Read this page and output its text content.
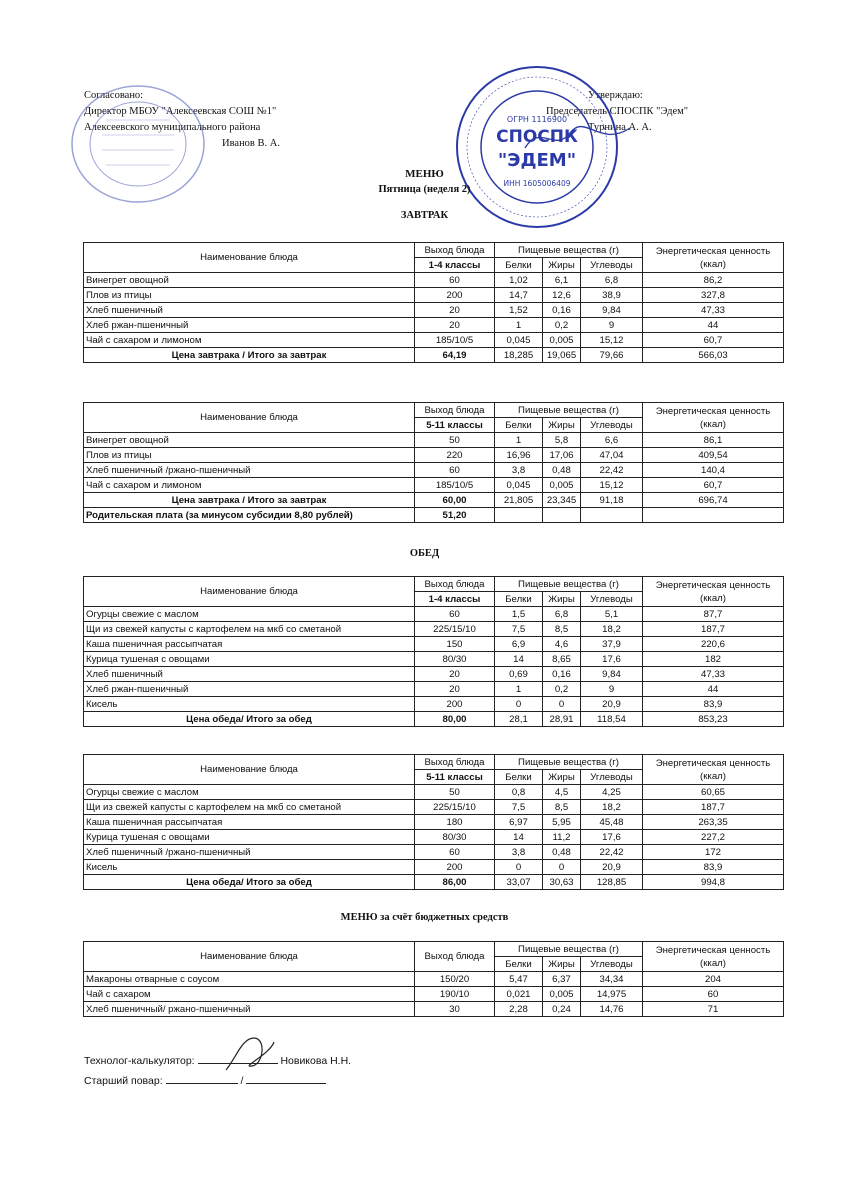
Согласовано:
Директор МБОУ "Алексеевская СОШ №1"
Алексеевского муниципального района
Иванов В. А.
Утверждаю:
Председатель СПОСПК "Эдем"
Турнина А. А.
ОГРН 1116900
СПОСПК
"ЭДЕМ"
ИНН 1605006409
МЕНЮ
Пятница (неделя 2)
ЗАВТРАК
Наименование блюда	Выход блюда	Пищевые вещества (г)			Энергетическая ценность (ккал)
	1-4 классы	Белки	Жиры	Углеводы	
Винегрет овощной	60	1,02	6,1	6,8	86,2
Плов из птицы	200	14,7	12,6	38,9	327,8
Хлеб пшеничный	20	1,52	0,16	9,84	47,33
Хлеб ржан-пшеничный	20	1	0,2	9	44
Чай с сахаром и лимоном	185/10/5	0,045	0,005	15,12	60,7
Цена завтрака / Итого за завтрак	64,19	18,285	19,065	79,66	566,03
Наименование блюда	Выход блюда	Пищевые вещества (г)			Энергетическая ценность (ккал)
	5-11 классы	Белки	Жиры	Углеводы	
Винегрет овощной	50	1	5,8	6,6	86,1
Плов из птицы	220	16,96	17,06	47,04	409,54
Хлеб пшеничный /ржано-пшеничный	60	3,8	0,48	22,42	140,4
Чай с сахаром и лимоном	185/10/5	0,045	0,005	15,12	60,7
Цена завтрака / Итого за завтрак	60,00	21,805	23,345	91,18	696,74
Родительская плата (за минусом субсидии 8,80 рублей)	51,20				
ОБЕД
Наименование блюда	Выход блюда	Пищевые вещества (г)			Энергетическая ценность (ккал)
	1-4 классы	Белки	Жиры	Углеводы	
Огурцы свежие с маслом	60	1,5	6,8	5,1	87,7
Щи из свежей капусты с картофелем на мкб со сметаной	225/15/10	7,5	8,5	18,2	187,7
Каша пшеничная рассыпчатая	150	6,9	4,6	37,9	220,6
Курица тушеная с овощами	80/30	14	8,65	17,6	182
Хлеб пшеничный	20	0,69	0,16	9,84	47,33
Хлеб ржан-пшеничный	20	1	0,2	9	44
Кисель	200	0	0	20,9	83,9
Цена обеда/ Итого за обед	80,00	28,1	28,91	118,54	853,23
Наименование блюда	Выход блюда	Пищевые вещества (г)			Энергетическая ценность (ккал)
	5-11 классы	Белки	Жиры	Углеводы	
Огурцы свежие с маслом	50	0,8	4,5	4,25	60,65
Щи из свежей капусты с картофелем на мкб со сметаной	225/15/10	7,5	8,5	18,2	187,7
Каша пшеничная рассыпчатая	180	6,97	5,95	45,48	263,35
Курица тушеная с овощами	80/30	14	11,2	17,6	227,2
Хлеб пшеничный /ржано-пшеничный	60	3,8	0,48	22,42	172
Кисель	200	0	0	20,9	83,9
Цена обеда/ Итого за обед	86,00	33,07	30,63	128,85	994,8
МЕНЮ за счёт бюджетных средств
Наименование блюда	Выход блюда	Пищевые вещества (г)			Энергетическая ценность (ккал)
		Белки	Жиры	Углеводы	
Макароны отварные с соусом	150/20	5,47	6,37	34,34	204
Чай с сахаром	190/10	0,021	0,005	14,975	60
Хлеб пшеничный/ ржано-пшеничный	30	2,28	0,24	14,76	71
Технолог-калькулятор:	Новикова Н.Н.
Старший повар:	/
